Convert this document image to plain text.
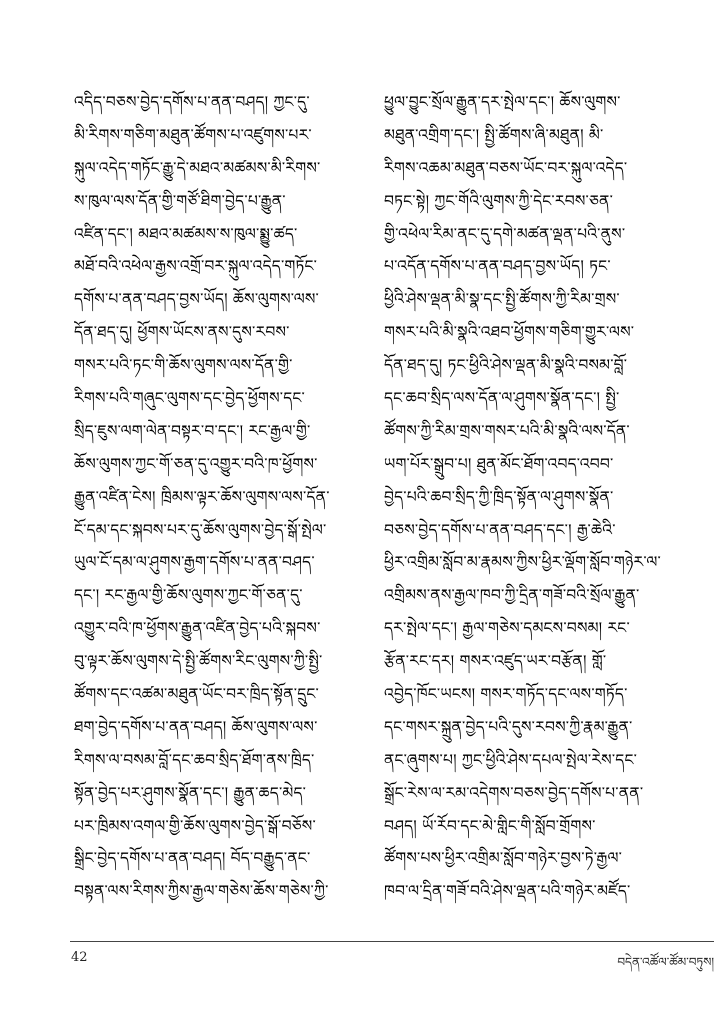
འདིད་བཅས་བྱེད་དགོས་པ་ནན་བཤད། ཀྱང་དུ་
མི་རིགས་གཅིག་མཐུན་ཚོགས་པ་འཛུགས་པར་
སྐུལ་འདེད་གཏོང་རྒྱུ་དེ་མཐའ་མཚམས་མི་རིགས་
ས་ཁུལ་ལས་དོན་གྱི་གཙོ་ཐིག་བྱེད་པ་རྒྱུན་
འཛིན་དང་། མཐའ་མཚམས་ས་ཁུལ་སྨྱུ་ཚད་
མཐོ་བའི་འཕེལ་རྒྱས་འགྲོ་བར་སྐུལ་འདེད་གཏོང་
དགོས་པ་ནན་བཤད་བྱས་ཡོད། ཆོས་ལུགས་ལས་
དོན་ཐད་དུ། ཕྱོགས་ཡོངས་ནས་དུས་རབས་
གསར་པའི་ཏང་གི་ཆོས་ལུགས་ལས་དོན་གྱི་
རིགས་པའི་གཞུང་ལུགས་དང་བྱེད་ཕྱོགས་དང་
སྲིད་ཇུས་ལག་ལེན་བསྟར་བ་དང་། རང་རྒྱལ་གྱི་
ཆོས་ལུགས་ཀྱང་གོ་ཅན་དུ་འགྱུར་བའི་ཁ་ཕྱོགས་
རྒྱུན་འཛིན་ངེས། ཁྲིམས་ལྟར་ཆོས་ལུགས་ལས་དོན་
ངོ་དམ་དང་སྐབས་པར་དུ་ཆོས་ལུགས་བྱེད་སྒོ་སྤེལ་
ཡུལ་ངོ་དམ་ལ་ཤུགས་རྒྱག་དགོས་པ་ནན་བཤད་
དང་། རང་རྒྱལ་གྱི་ཆོས་ལུགས་ཀྱང་གོ་ཅན་དུ་
འགྱུར་བའི་ཁ་ཕྱོགས་རྒྱུན་འཛིན་བྱེད་པའི་སྐབས་
བུ་ལྟར་ཆོས་ལུགས་དེ་སྤྱི་ཚོགས་རིང་ལུགས་ཀྱི་སྤྱི་
ཚོགས་དང་འཚམ་མཐུན་ཡོང་བར་ཁྲིད་སྟོན་དྲུང་
ཐག་བྱེད་དགོས་པ་ནན་བཤད། ཆོས་ལུགས་ལས་
རིགས་ལ་བསམ་བློ་དང་ཆབ་སྲིད་ཐོག་ནས་ཁྲིད་
སྟོན་བྱེད་པར་ཤུགས་སྣོན་དང་། རྒྱུན་ཆད་མེད་
པར་ཁྲིམས་འགལ་གྱི་ཆོས་ལུགས་བྱེད་སྒོ་བཅོས་
སྒྲིང་བྱེད་དགོས་པ་ནན་བཤད། བོད་བརྒྱུད་ནང་
བསྟན་ལས་རིགས་ཀྱིས་རྒྱལ་གཅེས་ཆོས་གཅེས་ཀྱི་
ཕྱུལ་བྱུང་སྲོལ་རྒྱུན་དར་སྤེལ་དང་། ཆོས་ལུགས་
མཐུན་འགྲིག་དང་། སྤྱི་ཚོགས་ཞི་མཐུན། མི་
རིགས་འཆམ་མཐུན་བཅས་ཡོང་བར་སྐུལ་འདེད་
བཏང་སྟེ། ཀྱང་གོའི་ལུགས་ཀྱི་དེང་རབས་ཅན་
གྱི་འཕེལ་རིམ་ནང་དུ་དགེ་མཚན་ལྡན་པའི་ནུས་
པ་འདོན་དགོས་པ་ནན་བཤད་བྱས་ཡོད། ཏང་
ཕྱིའི་ཤེས་ལྡན་མི་སྣ་དང་སྤྱི་ཚོགས་ཀྱི་རིམ་གྲས་
གསར་པའི་མི་སྣའི་འཐབ་ཕྱོགས་གཅིག་གྱུར་ལས་
དོན་ཐད་དུ། ཏང་ཕྱིའི་ཤེས་ལྡན་མི་སྣའི་བསམ་བློ་
དང་ཆབ་སྲིད་ལས་དོན་ལ་ཤུགས་སྣོན་དང་། སྤྱི་
ཚོགས་ཀྱི་རིམ་གྲས་གསར་པའི་མི་སྣའི་ལས་དོན་
ཡག་པོར་སྒྲུབ་པ། ཐུན་མོང་ཐོག་འབད་འབབ་
བྱེད་པའི་ཆབ་སྲིད་ཀྱི་ཁྲིད་སྟོན་ལ་ཤུགས་སྣོན་
བཅས་བྱེད་དགོས་པ་ནན་བཤད་དང་། རྒྱ་ཆེའི་
ཕྱིར་འགྲིམ་སློབ་མ་རྣམས་ཀྱིས་ཕྱིར་ལྡོག་སློབ་གཉེར་ལ་
འགྲིམས་ནས་རྒྱལ་ཁབ་ཀྱི་དྲིན་གཟོ་བའི་སྲོལ་རྒྱུན་
དར་སྤེལ་དང་། རྒྱལ་གཅེས་དམངས་བསམ། རང་
རྩོན་རང་དར། གསར་འཛུད་ཡར་བརྩོན། གློ་
འབྱེད་ཁོང་ཡངས། གསར་གཏོད་དང་ལས་གཏོད་
དང་གསར་སྐྲུན་བྱེད་པའི་དུས་རབས་ཀྱི་རྣམ་རྒྱུན་
ནང་ཞུགས་པ། ཀྱང་ཕྱིའི་ཤེས་དཔལ་སྤེལ་རེས་དང་
སྒྲོང་རེས་ལ་རམ་འདེགས་བཅས་བྱེད་དགོས་པ་ནན་
བཤད། ཡོ་རོབ་དང་མེ་གླིང་གི་སློབ་གྲོགས་
ཚོགས་པས་ཕྱིར་འགྲིམ་སློབ་གཉེར་བྱས་ཏེ་རྒྱལ་
ཁབ་ལ་དྲིན་གཟོ་བའི་ཤེས་ལྡན་པའི་གཉེར་མཛོད་
42	བདེན་འཚོལ་ཚོམ་བཏུས།
